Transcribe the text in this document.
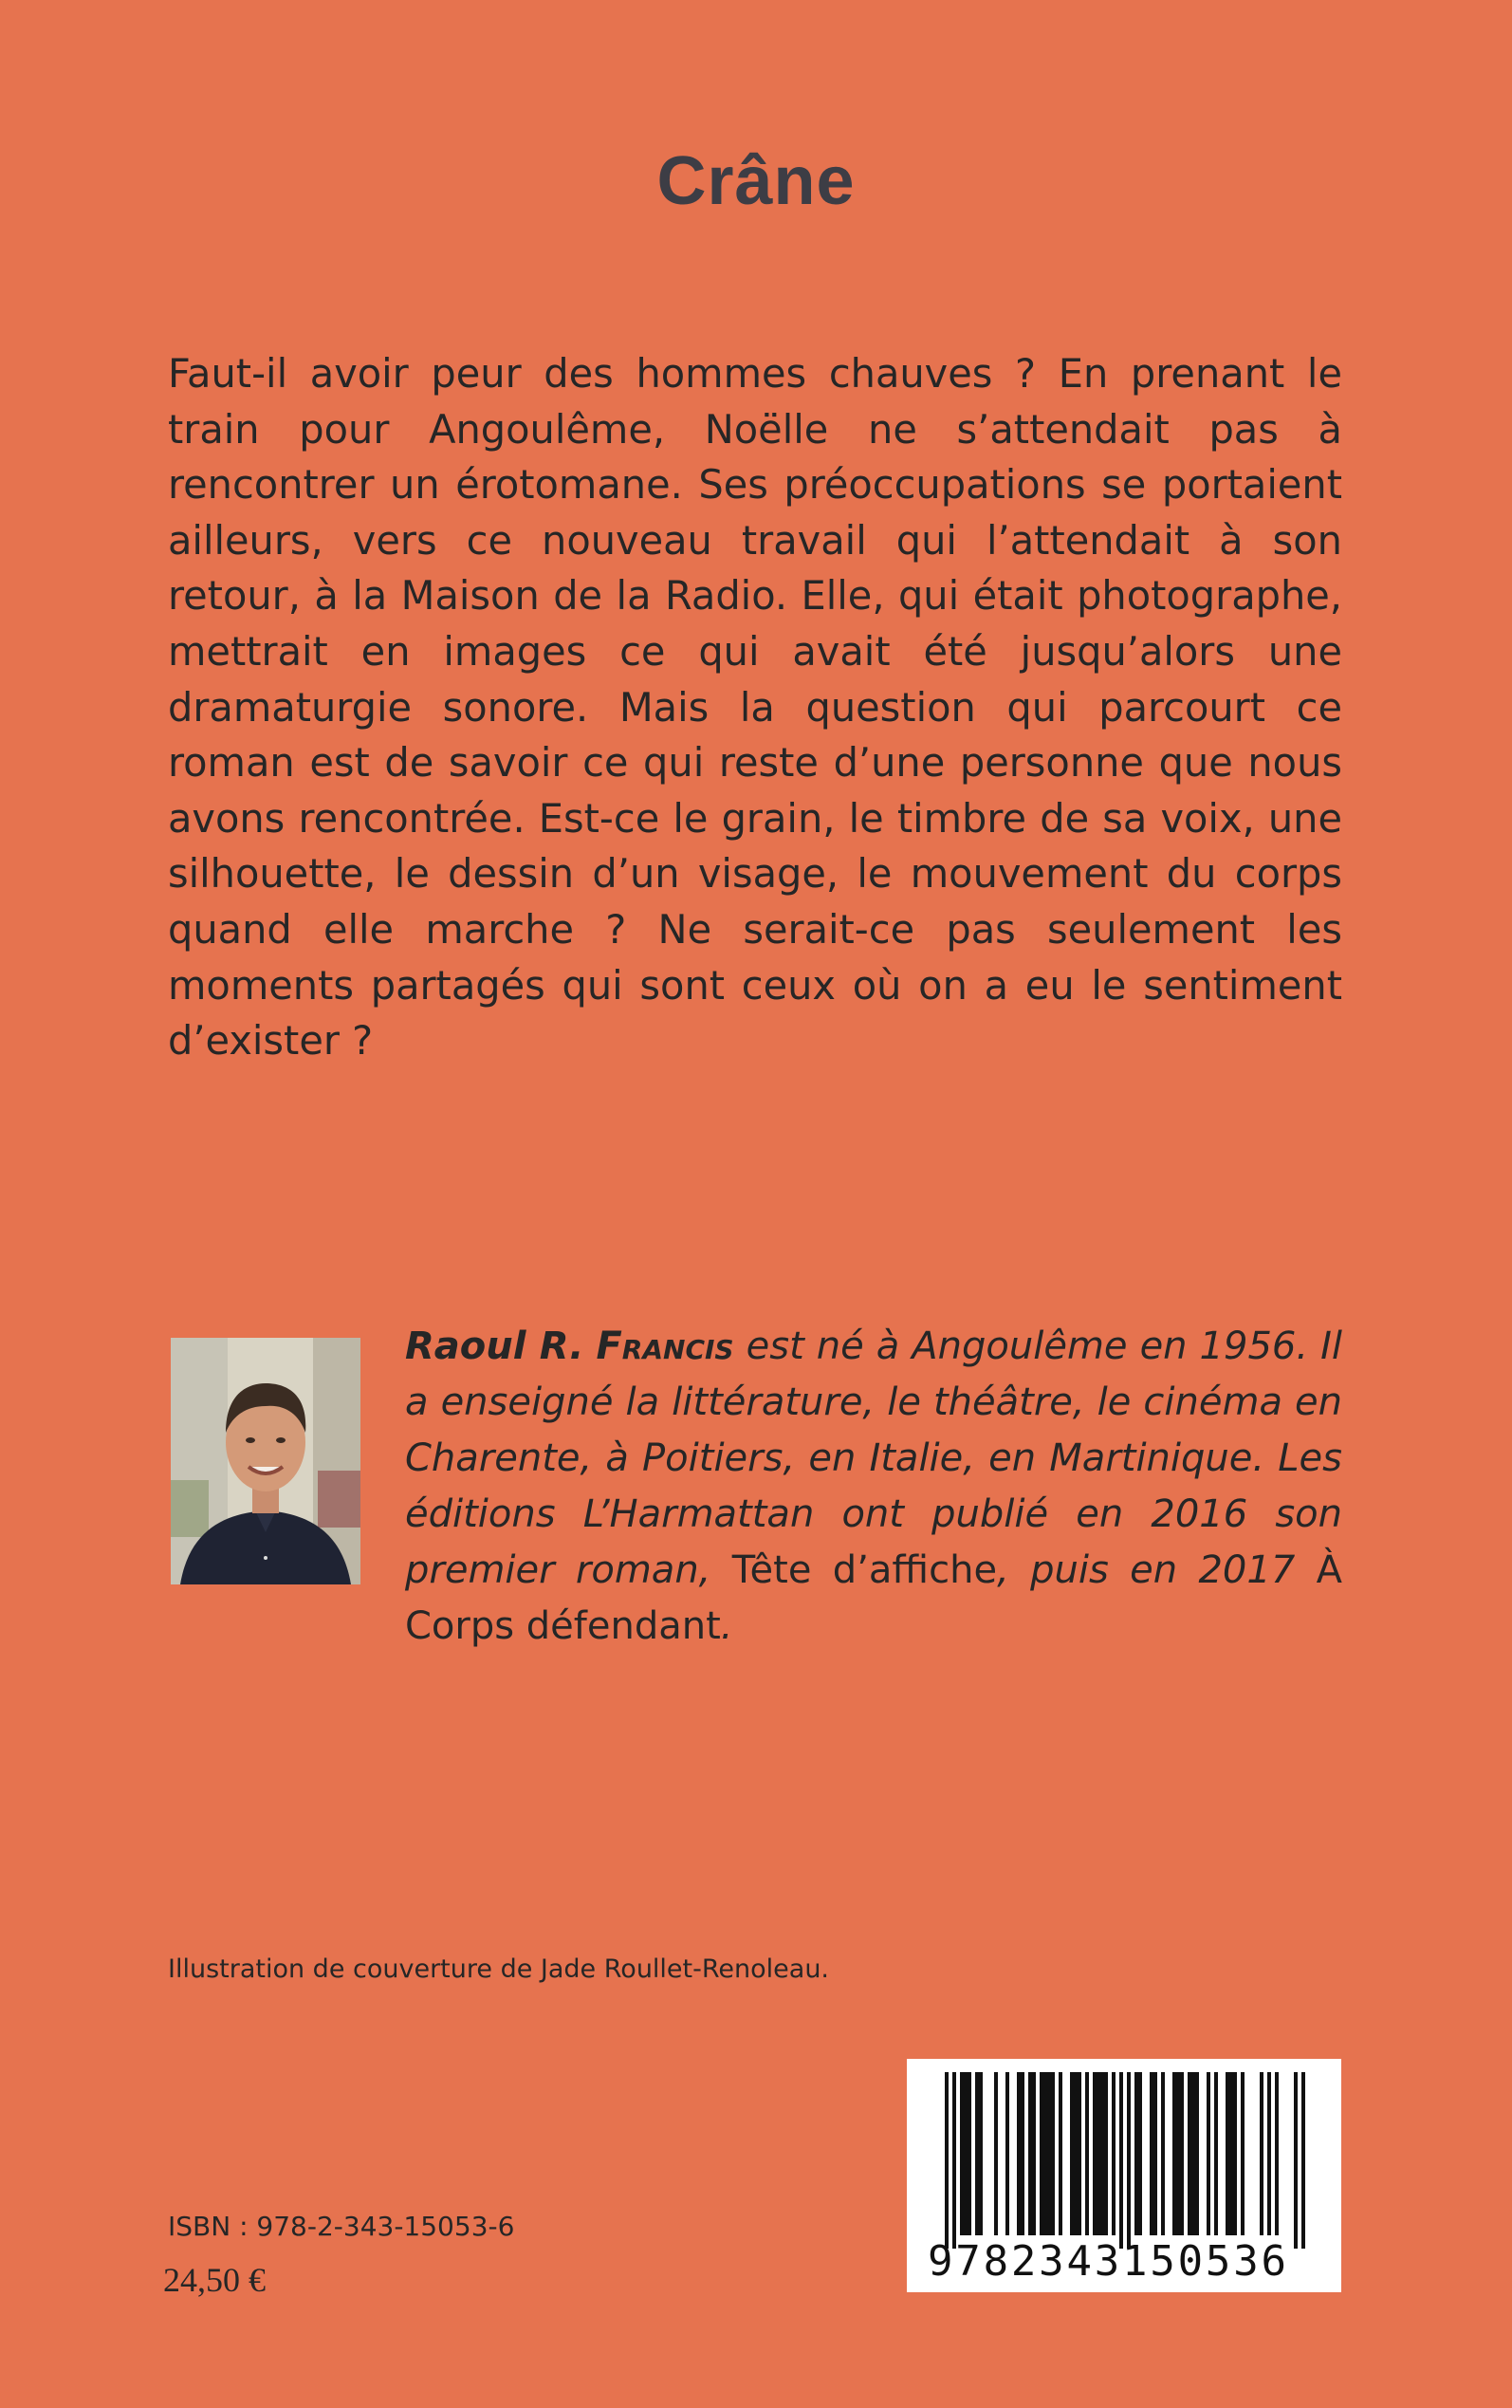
Crâne

Faut-il avoir peur des hommes chauves ? En prenant le train pour Angoulême, Noëlle ne s’attendait pas à rencontrer un érotomane. Ses préoccupations se portaient ailleurs, vers ce nouveau travail qui l’attendait à son retour, à la Maison de la Radio. Elle, qui était photographe, mettrait en images ce qui avait été jusqu’alors une dramaturgie sonore. Mais la question qui parcourt ce roman est de savoir ce qui reste d’une personne que nous avons rencontrée. Est-ce le grain, le timbre de sa voix, une silhouette, le dessin d’un visage, le mouvement du corps quand elle marche ? Ne serait-ce pas seulement les moments partagés qui sont ceux où on a eu le sentiment d’exister ?

Raoul R. Francis est né à Angoulême en 1956. Il a enseigné la littérature, le théâtre, le cinéma en Charente, à Poitiers, en Italie, en Martinique. Les éditions L’Harmattan ont publié en 2016 son premier roman, Tête d’affiche, puis en 2017 À Corps défendant.

Illustration de couverture de Jade Roullet-Renoleau.
ISBN : 978-2-343-15053-6
24,50 €	9782343150536
